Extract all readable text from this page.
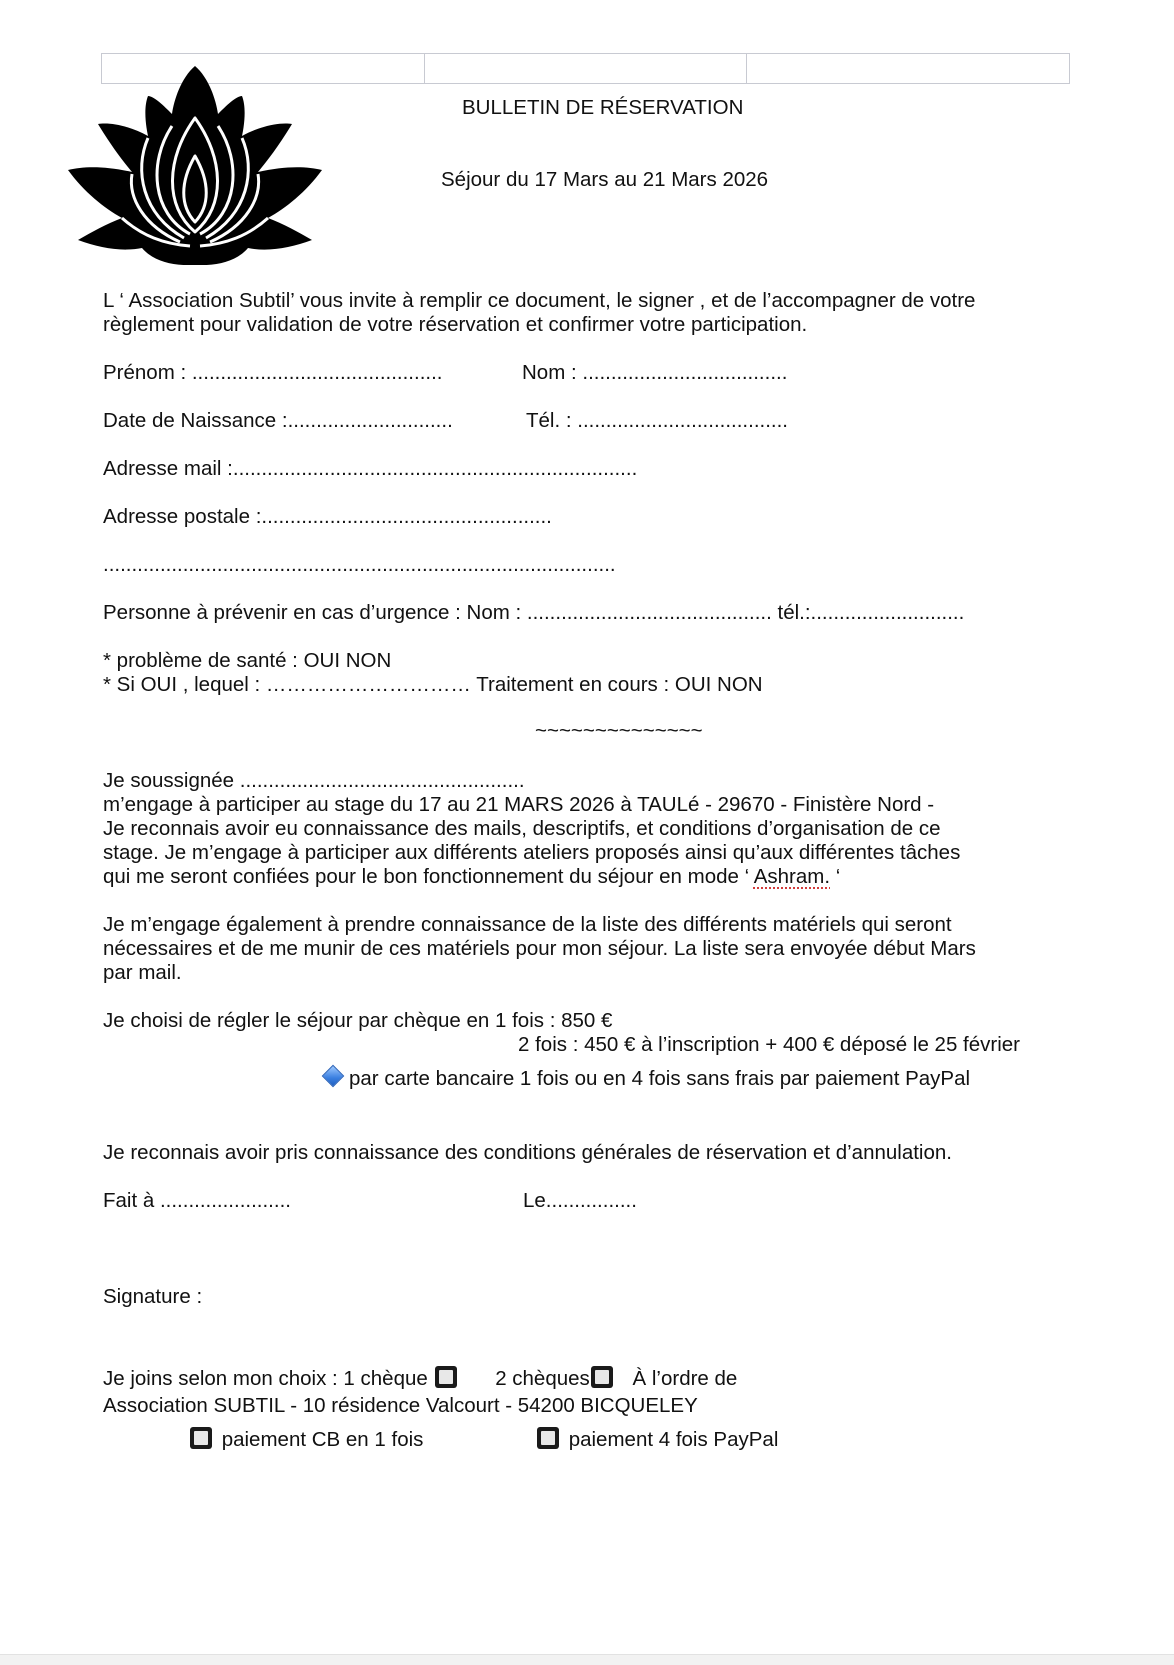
BULLETIN DE RÉSERVATION
Séjour du 17 Mars au 21 Mars 2026
L ‘ Association Subtil’ vous invite à remplir ce document, le signer , et de l’accompagner de votre
règlement pour validation de votre réservation et confirmer votre participation.
Prénom : ............................................	Nom : ....................................
Date de Naissance :.............................	Tél. : .....................................
Adresse mail :.......................................................................
Adresse postale :...................................................
..........................................................................................
Personne à prévenir en cas d’urgence : Nom : ........................................... tél.:...........................
* problème de santé : OUI NON
* Si OUI , lequel : ………………………… Traitement en cours : OUI NON
~~~~~~~~~~~~~~
Je soussignée ..................................................
m’engage à participer au stage du 17 au 21 MARS 2026 à TAULé - 29670 - Finistère Nord -
Je reconnais avoir eu connaissance des mails, descriptifs, et conditions d’organisation de ce
stage. Je m’engage à participer aux différents ateliers proposés ainsi qu’aux différentes tâches
qui me seront confiées pour le bon fonctionnement du séjour en mode ‘ Ashram. ‘
Je m’engage également à prendre connaissance de la liste des différents matériels qui seront
nécessaires et de me munir de ces matériels pour mon séjour. La liste sera envoyée début Mars
par mail.
Je choisi de régler le séjour par chèque en 1 fois : 850 €
2 fois : 450 € à l’inscription + 400 € déposé le 25 février
par carte bancaire 1 fois ou en 4 fois sans frais par paiement PayPal
Je reconnais avoir pris connaissance des conditions générales de réservation et d’annulation.
Fait à .......................	Le................
Signature :
Je joins selon mon choix : 1 chèque	2 chèques À l’ordre de
Association SUBTIL - 10 résidence Valcourt - 54200 BICQUELEY
paiement CB en 1 fois	paiement 4 fois PayPal
